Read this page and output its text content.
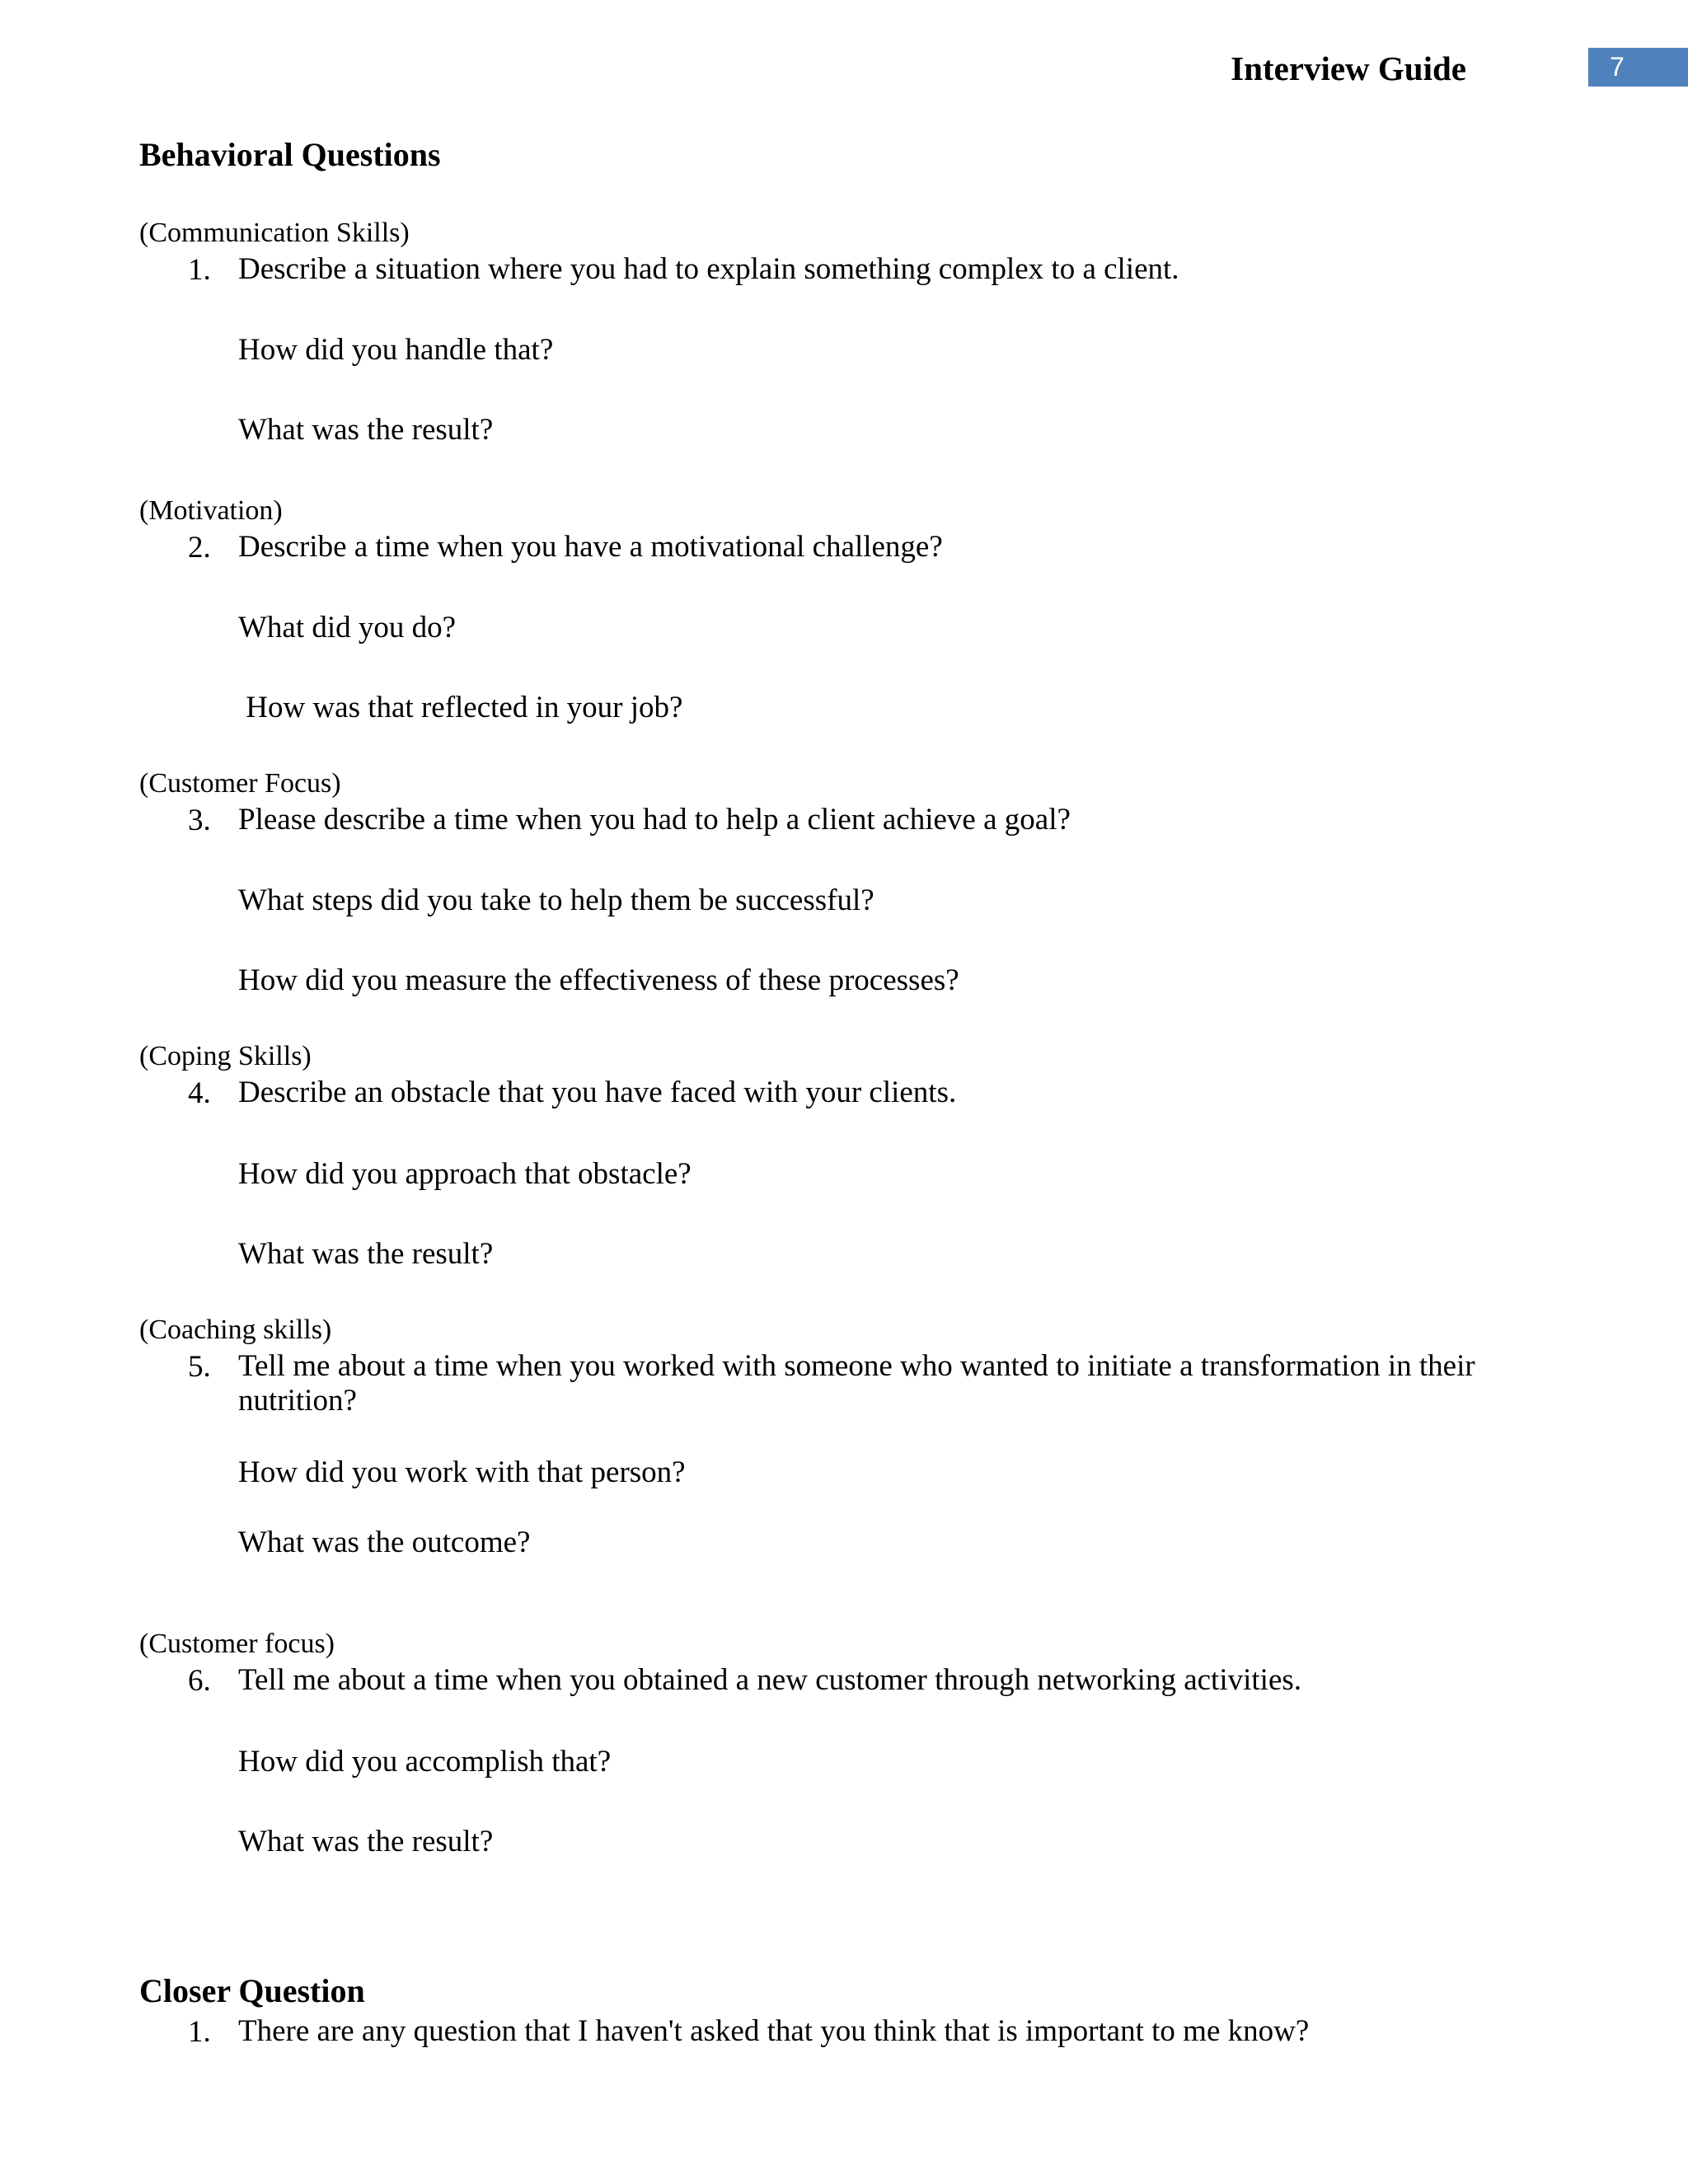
Interview Guide	7
Behavioral Questions
(Communication Skills)
1. Describe a situation where you had to explain something complex to a client.
How did you handle that?
What was the result?
(Motivation)
2. Describe a time when you have a motivational challenge?
What did you do?
How was that reflected in your job?
(Customer Focus)
3. Please describe a time when you had to help a client achieve a goal?
What steps did you take to help them be successful?
How did you measure the effectiveness of these processes?
(Coping Skills)
4. Describe an obstacle that you have faced with your clients.
How did you approach that obstacle?
What was the result?
(Coaching skills)
5. Tell me about a time when you worked with someone who wanted to initiate a transformation in their nutrition?
How did you work with that person?
What was the outcome?
(Customer focus)
6. Tell me about a time when you obtained a new customer through networking activities.
How did you accomplish that?
What was the result?
Closer Question
1. There are any question that I haven't asked that you think that is important to me know?
